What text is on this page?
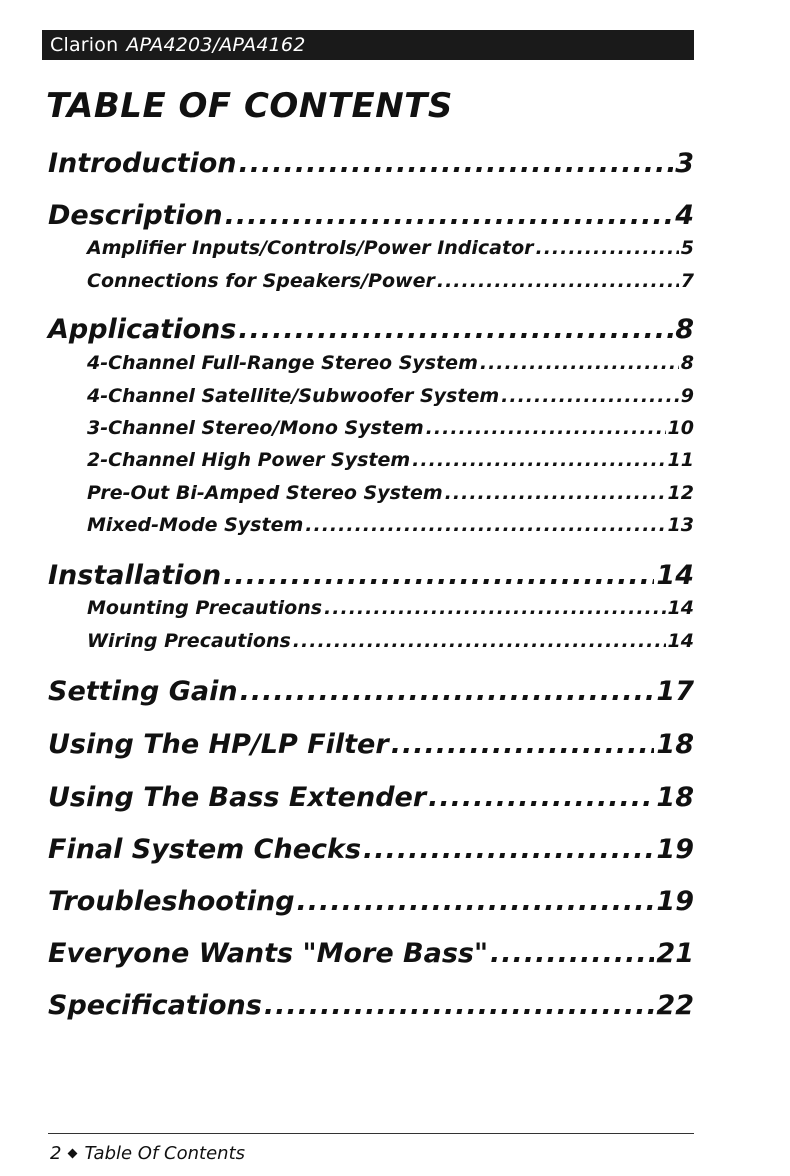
Clarion APA4203/APA4162
TABLE OF CONTENTS
Introduction .....	3
Description .....	4
Amplifier Inputs/Controls/Power Indicator .....	5
Connections for Speakers/Power .....	7
Applications .....	8
4-Channel Full-Range Stereo System .....	8
4-Channel Satellite/Subwoofer System .....	9
3-Channel Stereo/Mono System .....	10
2-Channel High Power System .....	11
Pre-Out Bi-Amped Stereo System .....	12
Mixed-Mode System .....	13
Installation .....	14
Mounting Precautions .....	14
Wiring Precautions .....	14
Setting Gain .....	17
Using The HP/LP Filter .....	18
Using The Bass Extender .....	18
Final System Checks .....	19
Troubleshooting .....	19
Everyone Wants "More Bass" .....	21
Specifications .....	22
2 Table Of Contents
